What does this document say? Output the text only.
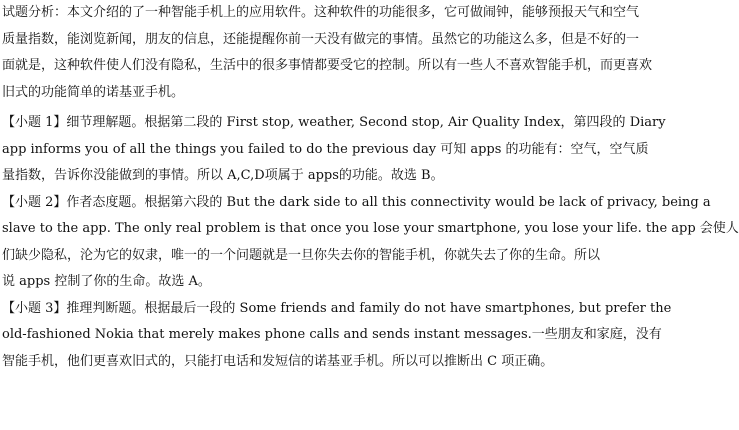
试题分析：本文介绍的了一种智能手机上的应用软件。这种软件的功能很多，它可做闹钟，能够预报天气和空气
质量指数，能浏览新闻，朋友的信息，还能提醒你前一天没有做完的事情。虽然它的功能这么多，但是不好的一
面就是，这种软件使人们没有隐私，生活中的很多事情都要受它的控制。所以有一些人不喜欢智能手机，而更喜欢
旧式的功能简单的诺基亚手机。
【小题 1】细节理解题。根据第二段的 First stop, weather, Second stop, Air Quality Index，第四段的 Diary
app informs you of all the things you failed to do the previous day 可知 apps 的功能有：空气，空气质
量指数，告诉你没能做到的事情。所以 A,C,D项属于 apps的功能。故选 B。
【小题 2】作者态度题。根据第六段的 But the dark side to all this connectivity would be lack of privacy, being a
slave to the app. The only real problem is that once you lose your smartphone, you lose your life. the app 会使人
们缺少隐私，沦为它的奴隶，唯一的一个问题就是一旦你失去你的智能手机，你就失去了你的生命。所以
说 apps 控制了你的生命。故选 A。
【小题 3】推理判断题。根据最后一段的 Some friends and family do not have smartphones, but prefer the
old-fashioned Nokia that merely makes phone calls and sends instant messages.一些朋友和家庭，没有
智能手机，他们更喜欢旧式的，只能打电话和发短信的诺基亚手机。所以可以推断出 C 项正确。
